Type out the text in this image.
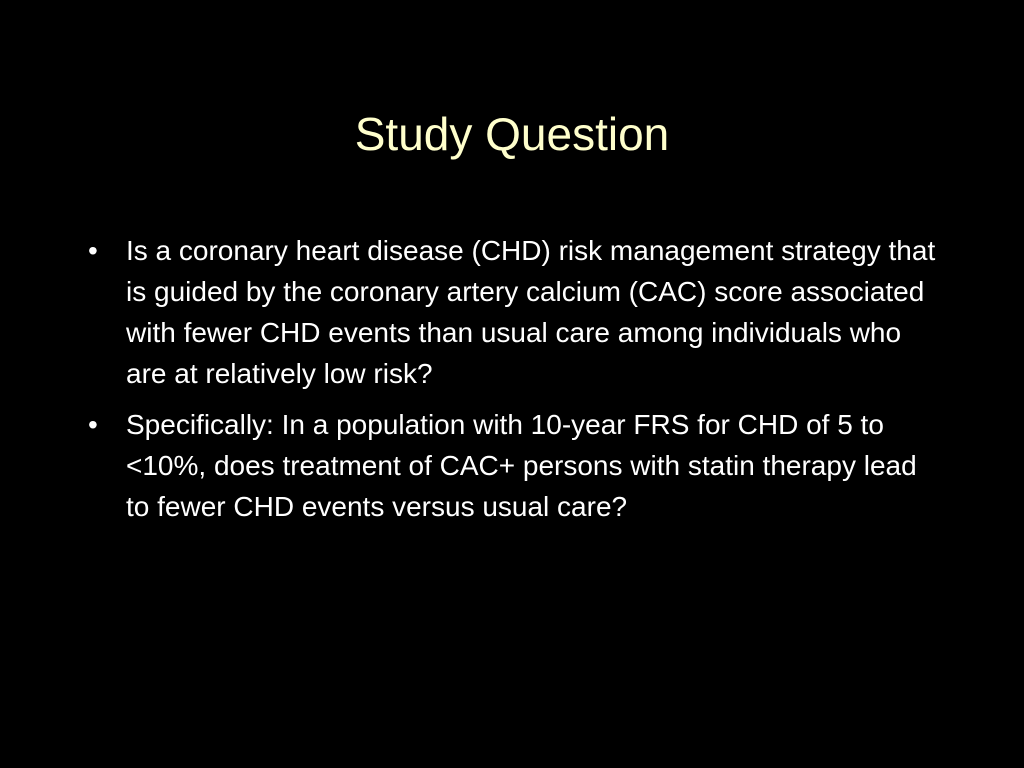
Study Question
•	Is a coronary heart disease (CHD) risk management strategy that is guided by the coronary artery calcium (CAC) score associated with fewer CHD events than usual care among individuals who are at relatively low risk?
•	Specifically: In a population with 10-year FRS for CHD of 5 to <10%, does treatment of CAC+ persons with statin therapy lead to fewer CHD events versus usual care?
